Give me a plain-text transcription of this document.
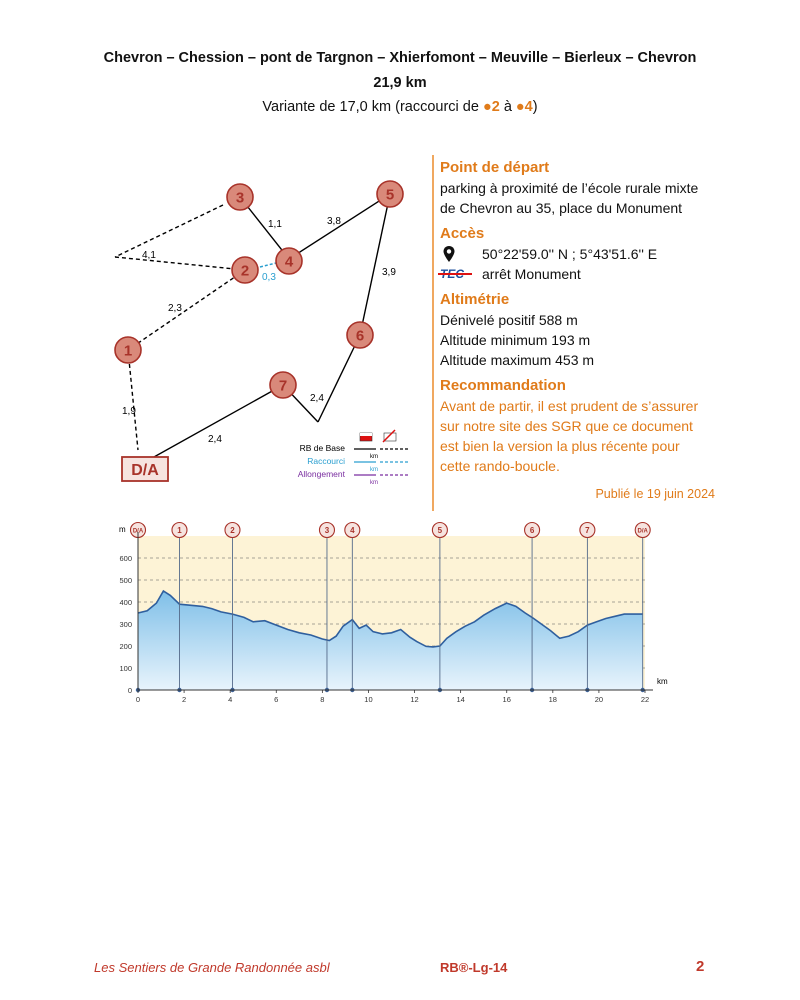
Chevron – Chession – pont de Targnon – Xhierfomont – Meuville – Bierleux – Chevron
21,9 km
Variante de 17,0 km (raccourci de ●2 à ●4)
1,1	3,8
3,9
0,3
4,1
2,3
1,9
2,4
2,4
3	5
2
4
6
1
7
D/A
RB de Base
km
Raccourci
km
Allongement
km
Point de départ
parking à proximité de l’école rurale mixte
de Chevron au 35, place du Monument
Accès
50°22'59.0'' N ; 5°43'51.6'' E
arrêt Monument
Altimétrie
Dénivelé positif 588 m
Altitude minimum 193 m
Altitude maximum 453 m
Recommandation
Avant de partir, il est prudent de s’assurer
sur notre site des SGR que ce document
est bien la version la plus récente pour
cette rando-boucle.
Publié le 19 juin 2024
D/A	1	2	3	4	5	6	7	D/A
0
100
200
300
400
500
600
0	2	4	6	8	10	12	14	16	18	20	22
m
km
Les Sentiers de Grande Randonnée asbl	RB®-Lg-14	2
